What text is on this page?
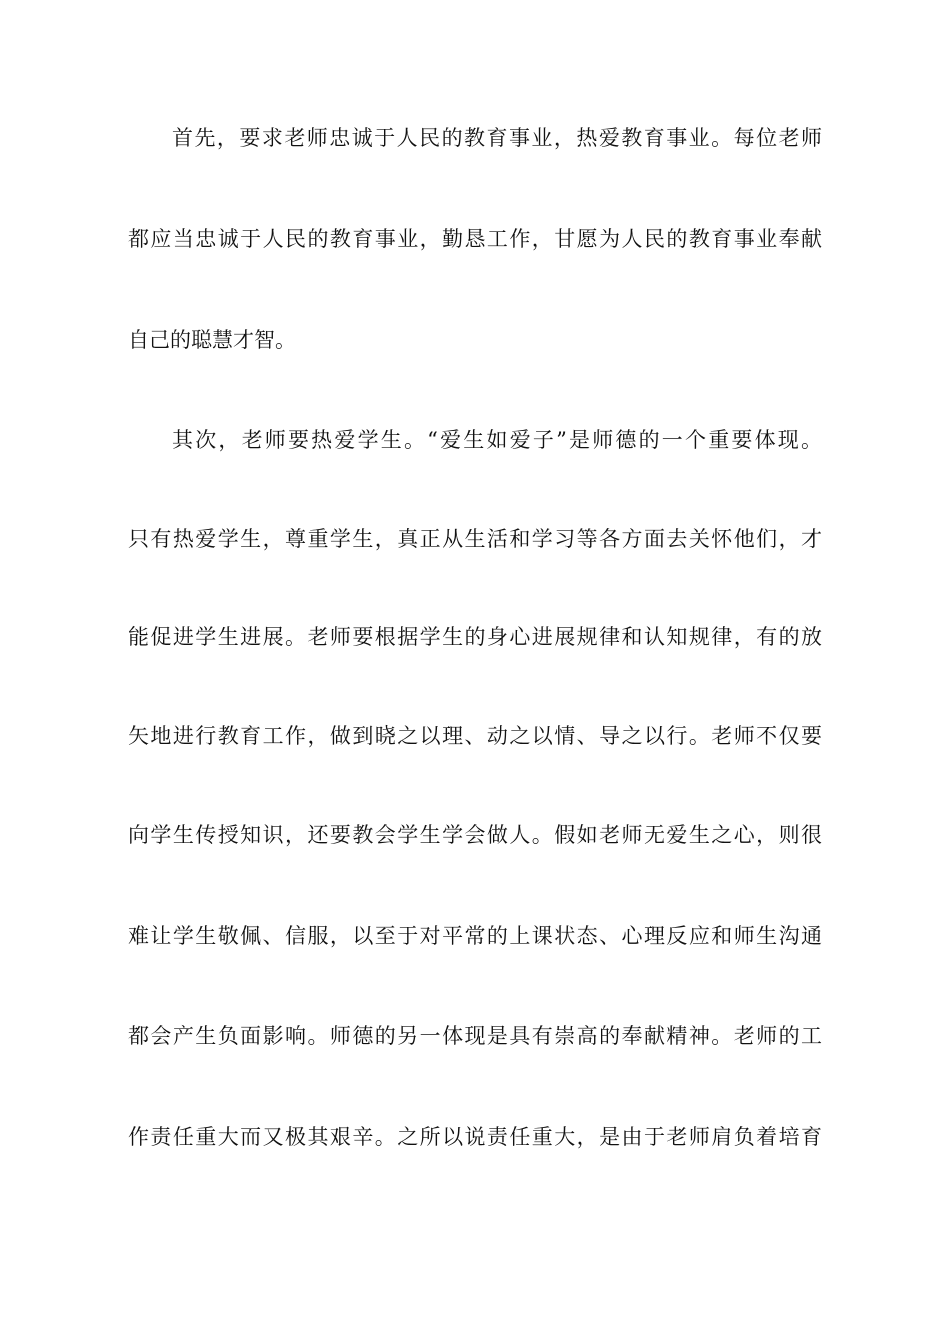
首先，要求老师忠诚于人民的教育事业，热爱教育事业。每位老师
都应当忠诚于人民的教育事业，勤恳工作，甘愿为人民的教育事业奉献
自己的聪慧才智。
其次，老师要热爱学生。“爱生如爱子”是师德的一个重要体现。
只有热爱学生，尊重学生，真正从生活和学习等各方面去关怀他们，才
能促进学生进展。老师要根据学生的身心进展规律和认知规律，有的放
矢地进行教育工作，做到晓之以理、动之以情、导之以行。老师不仅要
向学生传授知识，还要教会学生学会做人。假如老师无爱生之心，则很
难让学生敬佩、信服，以至于对平常的上课状态、心理反应和师生沟通
都会产生负面影响。师德的另一体现是具有崇高的奉献精神。老师的工
作责任重大而又极其艰辛。之所以说责任重大，是由于老师肩负着培育
